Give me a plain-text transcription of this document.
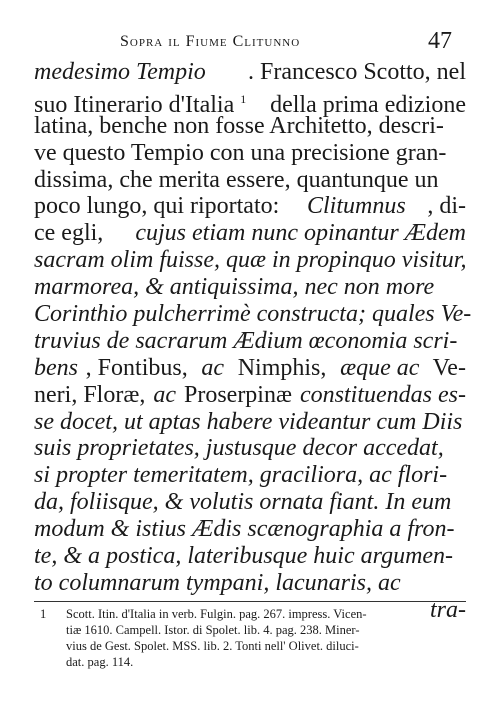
Sopra il Fiume Clitunno	47
medesimo Tempio . Francesco Scotto, nel
suo Itinerario d'Italia $^1$ della prima edizione
latina, benche non fosse Architetto, descri-
ve questo Tempio con una precisione gran-
dissima, che merita essere, quantunque un
poco lungo, qui riportato: Clitumnus , di-
ce egli, cujus etiam nunc opinantur Ædem
sacram olim fuisse, quæ in propinquo visitur,
marmorea, & antiquissima, nec non more
Corinthio pulcherrimè constructa; quales Ve-
truvius de sacrarum Ædium œconomia scri-
bens , Fontibus, ac Nimphis, æque ac Ve-
neri, Floræ, ac Proserpinæ constituendas es-
se docet, ut aptas habere videantur cum Diis
suis proprietates, justusque decor accedat,
si propter temeritatem, graciliora, ac flori-
da, foliisque, & volutis ornata fiant. In eum
modum & istius Ædis scænographia a fron-
te, & a postica, lateribusque huic argumen-
to columnarum tympani, lacunaris, ac
tra-
1 Scott. Itin. d'Italia in verb. Fulgin. pag. 267. impress. Vicen-
tiæ 1610. Campell. Istor. di Spolet. lib. 4. pag. 238. Miner-
vius de Gest. Spolet. MSS. lib. 2. Tonti nell' Olivet. diluci-
dat. pag. 114.
